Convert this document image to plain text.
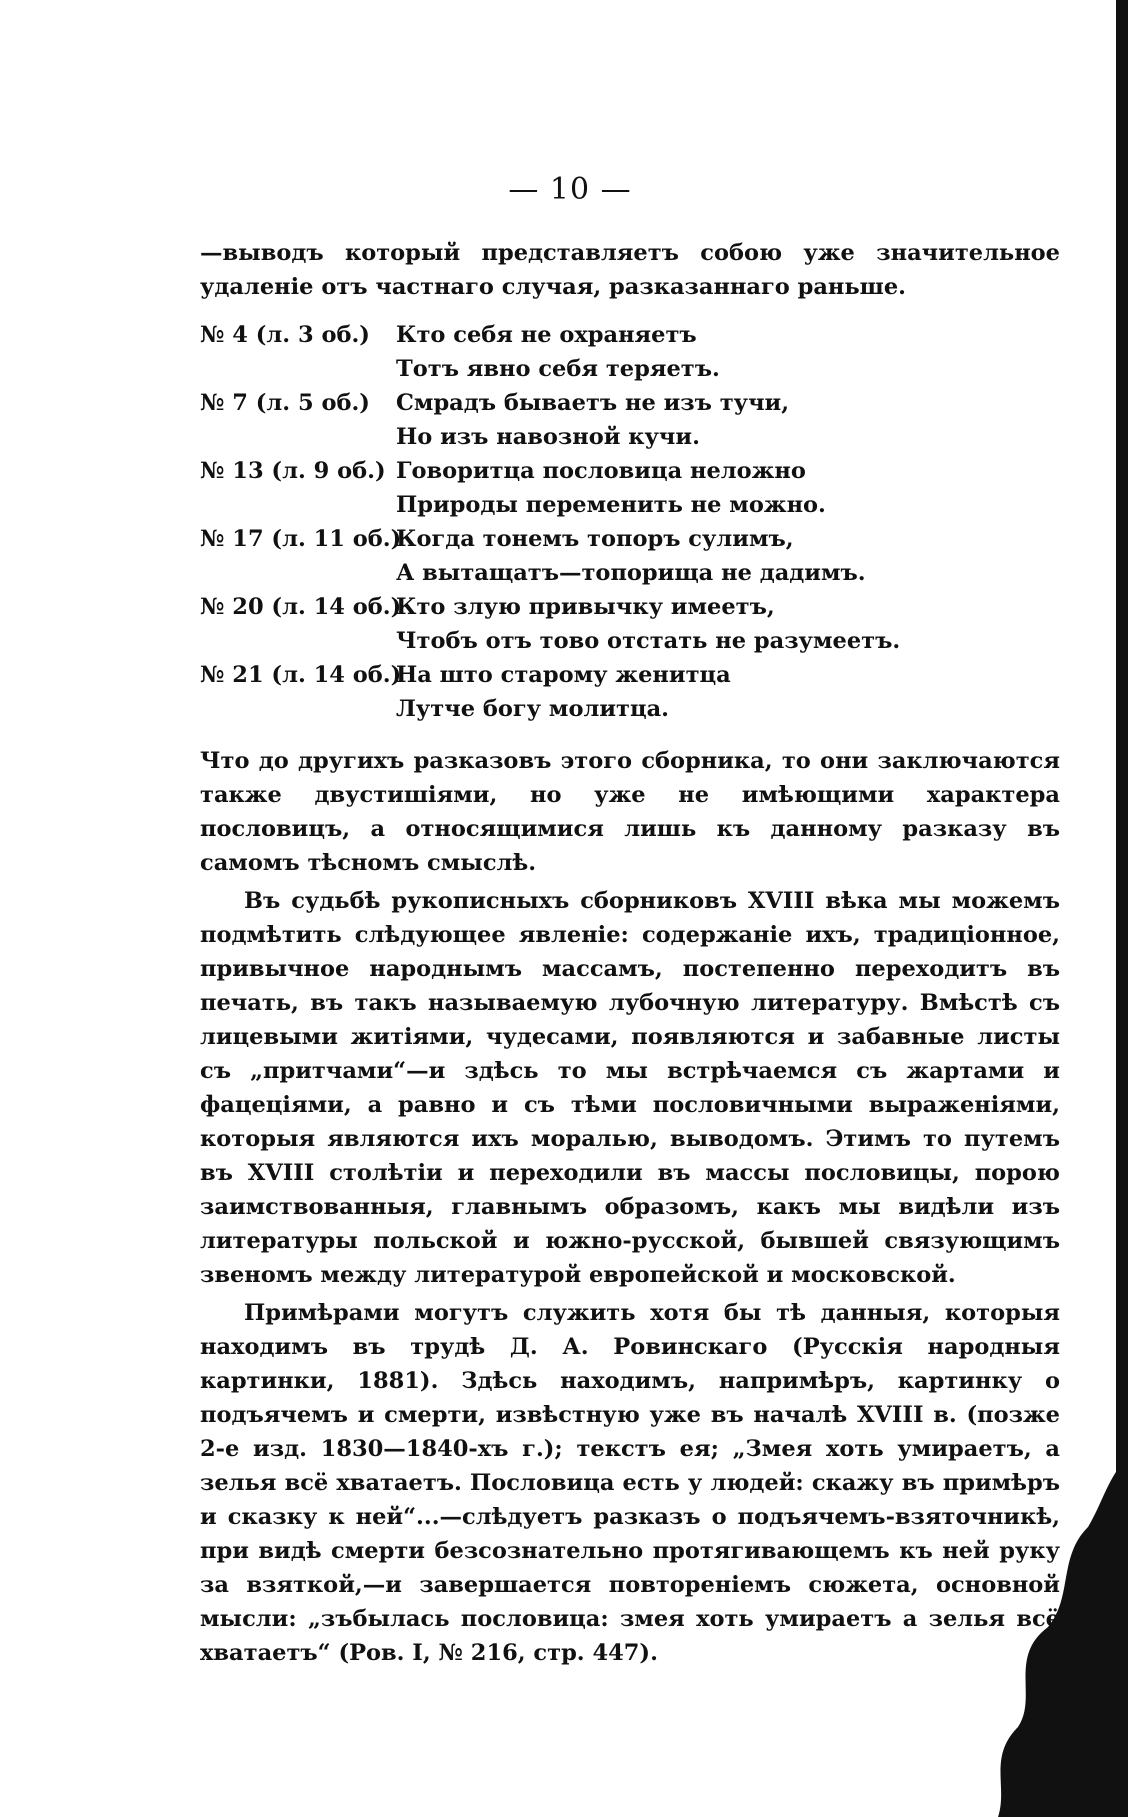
— 10 —

—выводъ который представляетъ собою уже значительное удаленіе отъ частнаго случая, разказаннаго раньше.

№ 4 (л. 3 об.)	Кто себя не охраняетъ
Тотъ явно себя теряетъ.
№ 7 (л. 5 об.)	Смрадъ бываетъ не изъ тучи,
Но изъ навозной кучи.
№ 13 (л. 9 об.) Говоритца пословица неложно
Природы переменить не можно.
№ 17 (л. 11 об.)
Когда тонемъ топоръ сулимъ,
А вытащатъ—топорища не дадимъ.
№ 20 (л. 14 об.)
Кто злую привычку имеетъ,
Чтобъ отъ тово отстать не разумеетъ.
№ 21 (л. 14 об.)
На што старому женитца
Лутче богу молитца.

Что до другихъ разказовъ этого сборника, то они заключаются также двустишіями, но уже не имѣющими характера пословицъ, а относящимися лишь къ данному разказу въ самомъ тѣсномъ смыслѣ.

Въ судьбѣ рукописныхъ сборниковъ XVIII вѣка мы можемъ подмѣтить слѣдующее явленіе: содержаніе ихъ, традиціонное, привычное народнымъ массамъ, постепенно переходитъ въ печать, въ такъ называемую лубочную литературу. Вмѣстѣ съ лицевыми житіями, чудесами, появляются и забавные листы съ „притчами“—и здѣсь то мы встрѣчаемся съ жартами и фацеціями, а равно и съ тѣми пословичными выраженіями, которыя являются ихъ моралью, выводомъ. Этимъ то путемъ въ XVIII столѣтіи и переходили въ массы пословицы, порою заимствованныя, главнымъ образомъ, какъ мы видѣли изъ литературы польской и южно-русской, бывшей связующимъ звеномъ между литературой европейской и московской.

Примѣрами могутъ служить хотя бы тѣ данныя, которыя находимъ въ трудѣ Д. А. Ровинскаго (Русскія народныя картинки, 1881). Здѣсь находимъ, напримѣръ, картинку о подъячемъ и смерти, извѣстную уже въ началѣ XVIII в. (позже 2-е изд. 1830—1840-хъ г.); текстъ ея; „Змея хоть умираетъ, а зелья всё хватаетъ. Пословица есть у людей: скажу въ примѣръ и сказку к ней“...—слѣдуетъ разказъ о подъячемъ-взяточникѣ, при видѣ смерти безсознательно протягивающемъ къ ней руку за взяткой,—и завершается повтореніемъ сюжета, основной мысли: „зъбылась пословица: змея хоть умираетъ а зелья всё хватаетъ“ (Ров. I, № 216, стр. 447).
